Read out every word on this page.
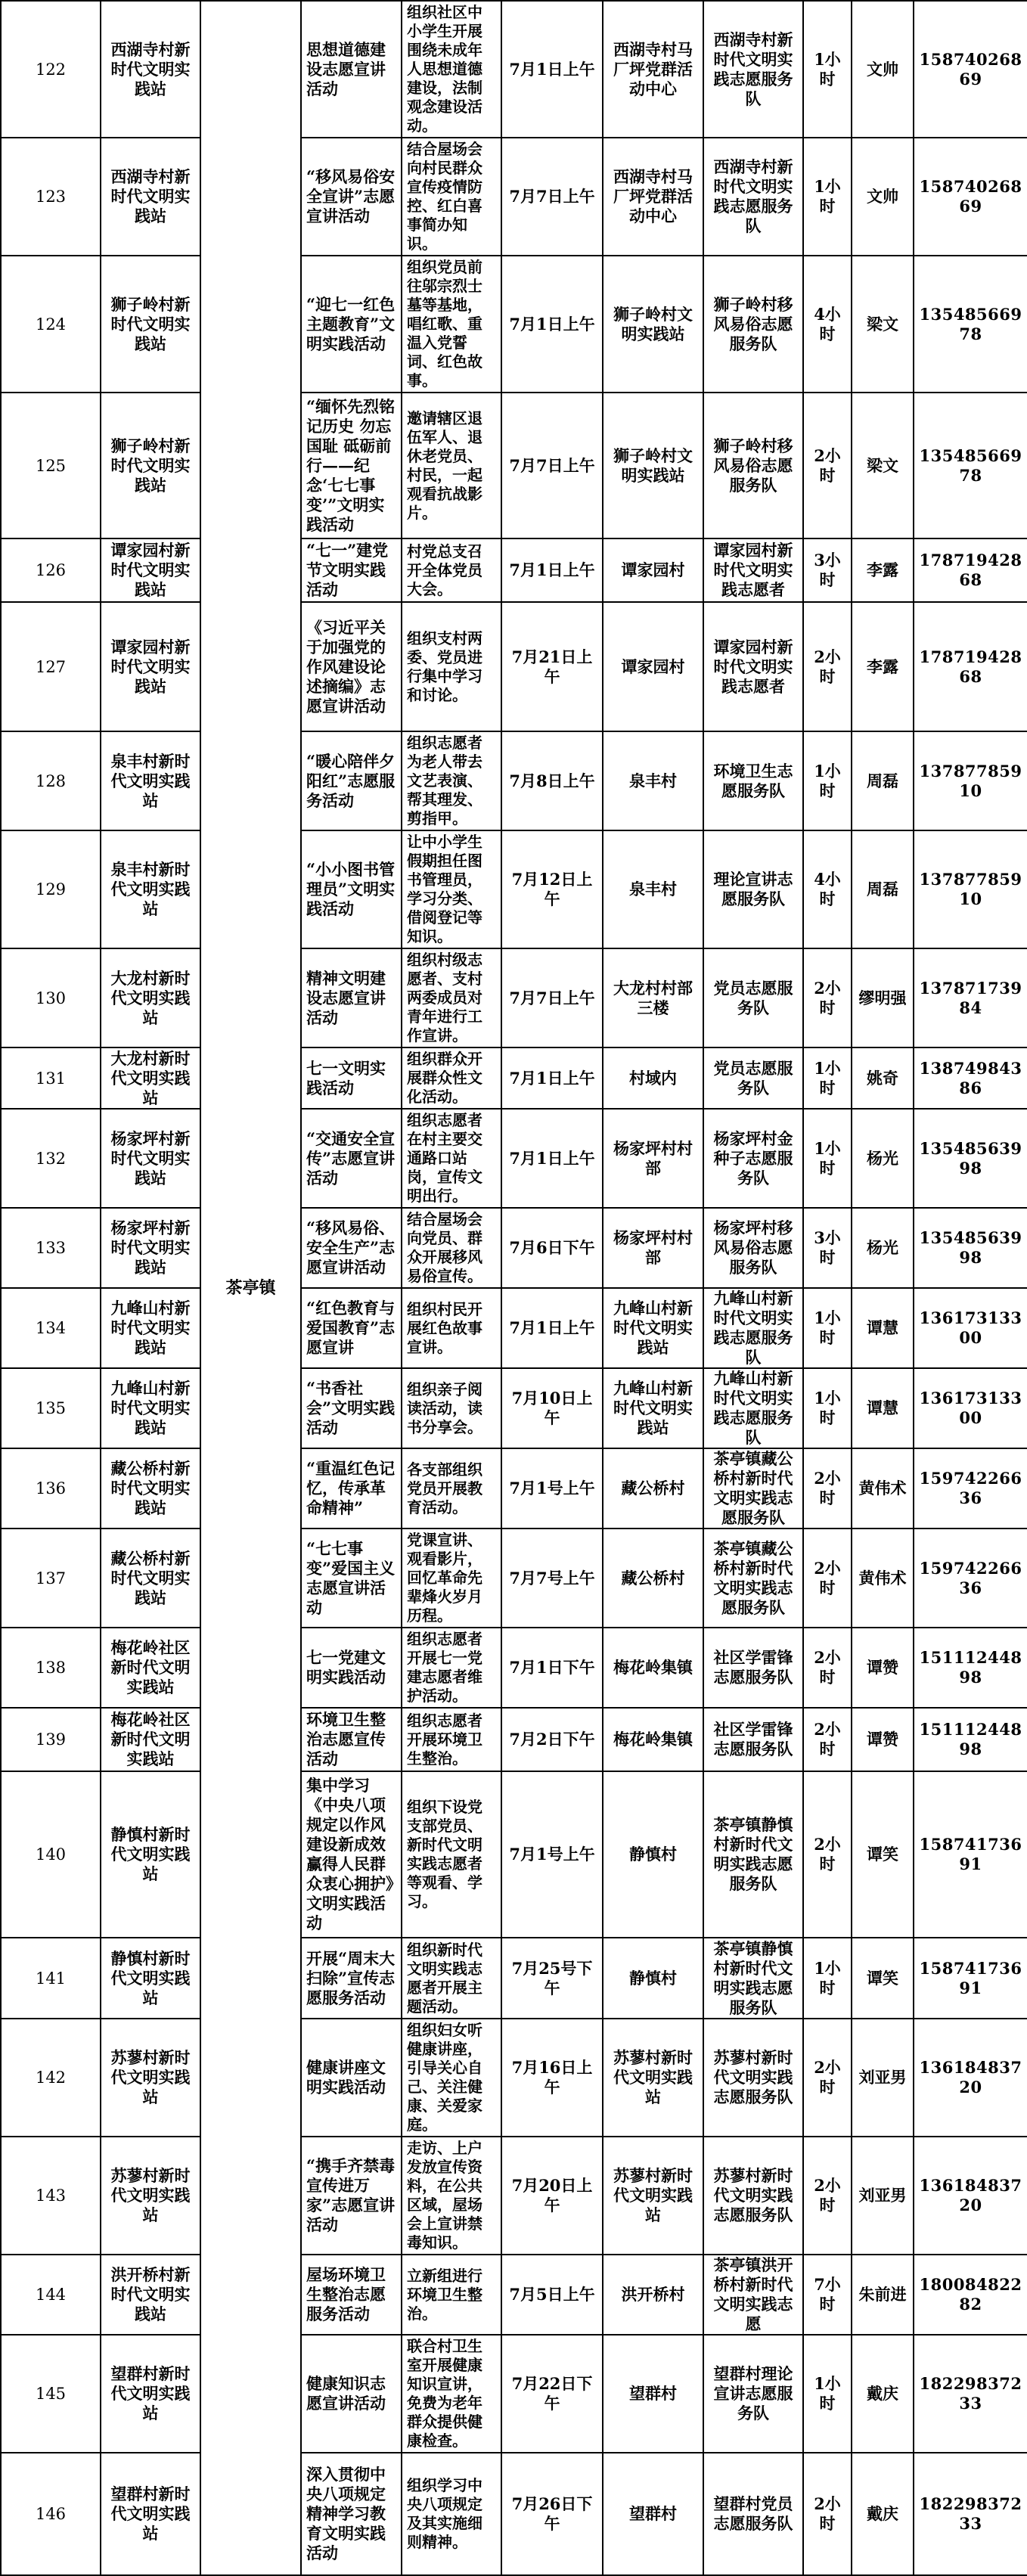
122	西湖寺村新时代文明实践站	茶亭镇	思想道德建设志愿宣讲活动	组织社区中小学生开展围绕未成年人思想道德建设，法制观念建设活动。	7月1日上午	西湖寺村马厂坪党群活动中心	西湖寺村新时代文明实践志愿服务队	1小时	文帅	15874026869
123	西湖寺村新时代文明实践站		“移风易俗安全宣讲”志愿宣讲活动	结合屋场会向村民群众宣传疫情防控、红白喜事简办知识。	7月7日上午	西湖寺村马厂坪党群活动中心	西湖寺村新时代文明实践志愿服务队	1小时	文帅	15874026869
124	狮子岭村新时代文明实践站		“迎七一红色主题教育”文明实践活动	组织党员前往邬宗烈士墓等基地，唱红歌、重温入党誓词、红色故事。	7月1日上午	狮子岭村文明实践站	狮子岭村移风易俗志愿服务队	4小时	梁文	13548566978
125	狮子岭村新时代文明实践站		“缅怀先烈铭记历史 勿忘国耻 砥砺前行——纪念‘七七事变’”文明实践活动	邀请辖区退伍军人、退休老党员、村民，一起观看抗战影片。	7月7日上午	狮子岭村文明实践站	狮子岭村移风易俗志愿服务队	2小时	梁文	13548566978
126	谭家园村新时代文明实践站		“七一”建党节文明实践活动	村党总支召开全体党员大会。	7月1日上午	谭家园村	谭家园村新时代文明实践志愿者	3小时	李露	17871942868
127	谭家园村新时代文明实践站		《习近平关于加强党的作风建设论述摘编》志愿宣讲活动	组织支村两委、党员进行集中学习和讨论。	7月21日上午	谭家园村	谭家园村新时代文明实践志愿者	2小时	李露	17871942868
128	泉丰村新时代文明实践站		“暖心陪伴夕阳红”志愿服务活动	组织志愿者为老人带去文艺表演、帮其理发、剪指甲。	7月8日上午	泉丰村	环境卫生志愿服务队	1小时	周磊	13787785910
129	泉丰村新时代文明实践站		“小小图书管理员”文明实践活动	让中小学生假期担任图书管理员，学习分类、借阅登记等知识。	7月12日上午	泉丰村	理论宣讲志愿服务队	4小时	周磊	13787785910
130	大龙村新时代文明实践站		精神文明建设志愿宣讲活动	组织村级志愿者、支村两委成员对青年进行工作宣讲。	7月7日上午	大龙村村部三楼	党员志愿服务队	2小时	缪明强	13787173984
131	大龙村新时代文明实践站		七一文明实践活动	组织群众开展群众性文化活动。	7月1日上午	村域内	党员志愿服务队	1小时	姚奇	13874984386
132	杨家坪村新时代文明实践站		“交通安全宣传”志愿宣讲活动	组织志愿者在村主要交通路口站岗，宣传文明出行。	7月1日上午	杨家坪村村部	杨家坪村金种子志愿服务队	1小时	杨光	13548563998
133	杨家坪村新时代文明实践站		“移风易俗、安全生产”志愿宣讲活动	结合屋场会向党员、群众开展移风易俗宣传。	7月6日下午	杨家坪村村部	杨家坪村移风易俗志愿服务队	3小时	杨光	13548563998
134	九峰山村新时代文明实践站		“红色教育与爱国教育”志愿宣讲	组织村民开展红色故事宣讲。	7月1日上午	九峰山村新时代文明实践站	九峰山村新时代文明实践志愿服务队	1小时	谭慧	13617313300
135	九峰山村新时代文明实践站		“书香社会”文明实践活动	组织亲子阅读活动，读书分享会。	7月10日上午	九峰山村新时代文明实践站	九峰山村新时代文明实践志愿服务队	1小时	谭慧	13617313300
136	藏公桥村新时代文明实践站		“重温红色记忆，传承革命精神”	各支部组织党员开展教育活动。	7月1号上午	藏公桥村	茶亭镇藏公桥村新时代文明实践志愿服务队	2小时	黄伟术	15974226636
137	藏公桥村新时代文明实践站		“七七事变”爱国主义志愿宣讲活动	党课宣讲、观看影片，回忆革命先辈烽火岁月历程。	7月7号上午	藏公桥村	茶亭镇藏公桥村新时代文明实践志愿服务队	2小时	黄伟术	15974226636
138	梅花岭社区新时代文明实践站		七一党建文明实践活动	组织志愿者开展七一党建志愿者维护活动。	7月1日下午	梅花岭集镇	社区学雷锋志愿服务队	2小时	谭赞	15111244898
139	梅花岭社区新时代文明实践站		环境卫生整治志愿宣传活动	组织志愿者开展环境卫生整治。	7月2日下午	梅花岭集镇	社区学雷锋志愿服务队	2小时	谭赞	15111244898
140	静慎村新时代文明实践站		集中学习《中央八项规定以作风建设新成效赢得人民群众衷心拥护》文明实践活动	组织下设党支部党员、新时代文明实践志愿者等观看、学习。	7月1号上午	静慎村	茶亭镇静慎村新时代文明实践志愿服务队	2小时	谭笑	15874173691
141	静慎村新时代文明实践站		开展“周末大扫除”宣传志愿服务活动	组织新时代文明实践志愿者开展主题活动。	7月25号下午	静慎村	茶亭镇静慎村新时代文明实践志愿服务队	1小时	谭笑	15874173691
142	苏蓼村新时代文明实践站		健康讲座文明实践活动	组织妇女听健康讲座，引导关心自己、关注健康、关爱家庭。	7月16日上午	苏蓼村新时代文明实践站	苏蓼村新时代文明实践志愿服务队	2小时	刘亚男	13618483720
143	苏蓼村新时代文明实践站		“携手齐禁毒 宣传进万家”志愿宣讲活动	走访、上户发放宣传资料，在公共区域，屋场会上宣讲禁毒知识。	7月20日上午	苏蓼村新时代文明实践站	苏蓼村新时代文明实践志愿服务队	2小时	刘亚男	13618483720
144	洪开桥村新时代文明实践站		屋场环境卫生整治志愿服务活动	立新组进行环境卫生整治。	7月5日上午	洪开桥村	茶亭镇洪开桥村新时代文明实践志愿	7小时	朱前进	18008482282
145	望群村新时代文明实践站		健康知识志愿宣讲活动	联合村卫生室开展健康知识宣讲，免费为老年群众提供健康检查。	7月22日下午	望群村	望群村理论宣讲志愿服务队	1小时	戴庆	18229837233
146	望群村新时代文明实践站		深入贯彻中央八项规定精神学习教育文明实践活动	组织学习中央八项规定及其实施细则精神。	7月26日下午	望群村	望群村党员志愿服务队	2小时	戴庆	18229837233
